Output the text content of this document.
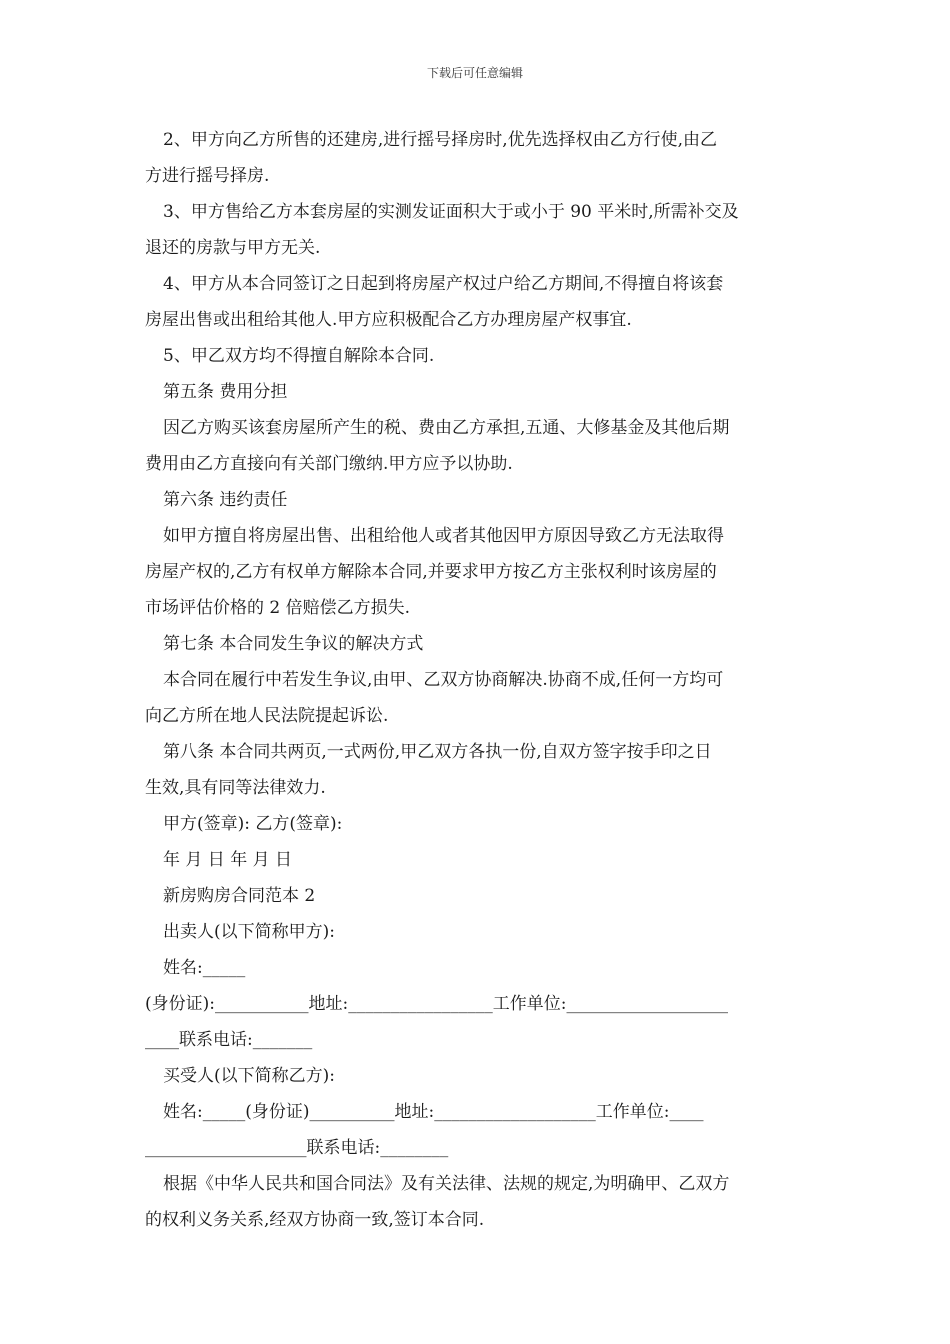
下载后可任意编辑
2、甲方向乙方所售的还建房,进行摇号择房时,优先选择权由乙方行使,由乙
方进行摇号择房.
3、甲方售给乙方本套房屋的实测发证面积大于或小于 90 平米时,所需补交及
退还的房款与甲方无关.
4、甲方从本合同签订之日起到将房屋产权过户给乙方期间,不得擅自将该套
房屋出售或出租给其他人.甲方应积极配合乙方办理房屋产权事宜.
5、甲乙双方均不得擅自解除本合同.
第五条 费用分担
因乙方购买该套房屋所产生的税、费由乙方承担,五通、大修基金及其他后期
费用由乙方直接向有关部门缴纳.甲方应予以协助.
第六条 违约责任
如甲方擅自将房屋出售、出租给他人或者其他因甲方原因导致乙方无法取得
房屋产权的,乙方有权单方解除本合同,并要求甲方按乙方主张权利时该房屋的
市场评估价格的 2 倍赔偿乙方损失.
第七条 本合同发生争议的解决方式
本合同在履行中若发生争议,由甲、乙双方协商解决.协商不成,任何一方均可
向乙方所在地人民法院提起诉讼.
第八条 本合同共两页,一式两份,甲乙双方各执一份,自双方签字按手印之日
生效,具有同等法律效力.
甲方(签章): 乙方(签章):
年 月 日 年 月 日
新房购房合同范本 2
出卖人(以下简称甲方):
姓名:_____
(身份证):___________地址:_________________工作单位:___________________
____联系电话:_______
买受人(以下简称乙方):
姓名:_____(身份证)__________地址:___________________工作单位:____
___________________联系电话:________
根据《中华人民共和国合同法》及有关法律、法规的规定,为明确甲、乙双方
的权利义务关系,经双方协商一致,签订本合同.
